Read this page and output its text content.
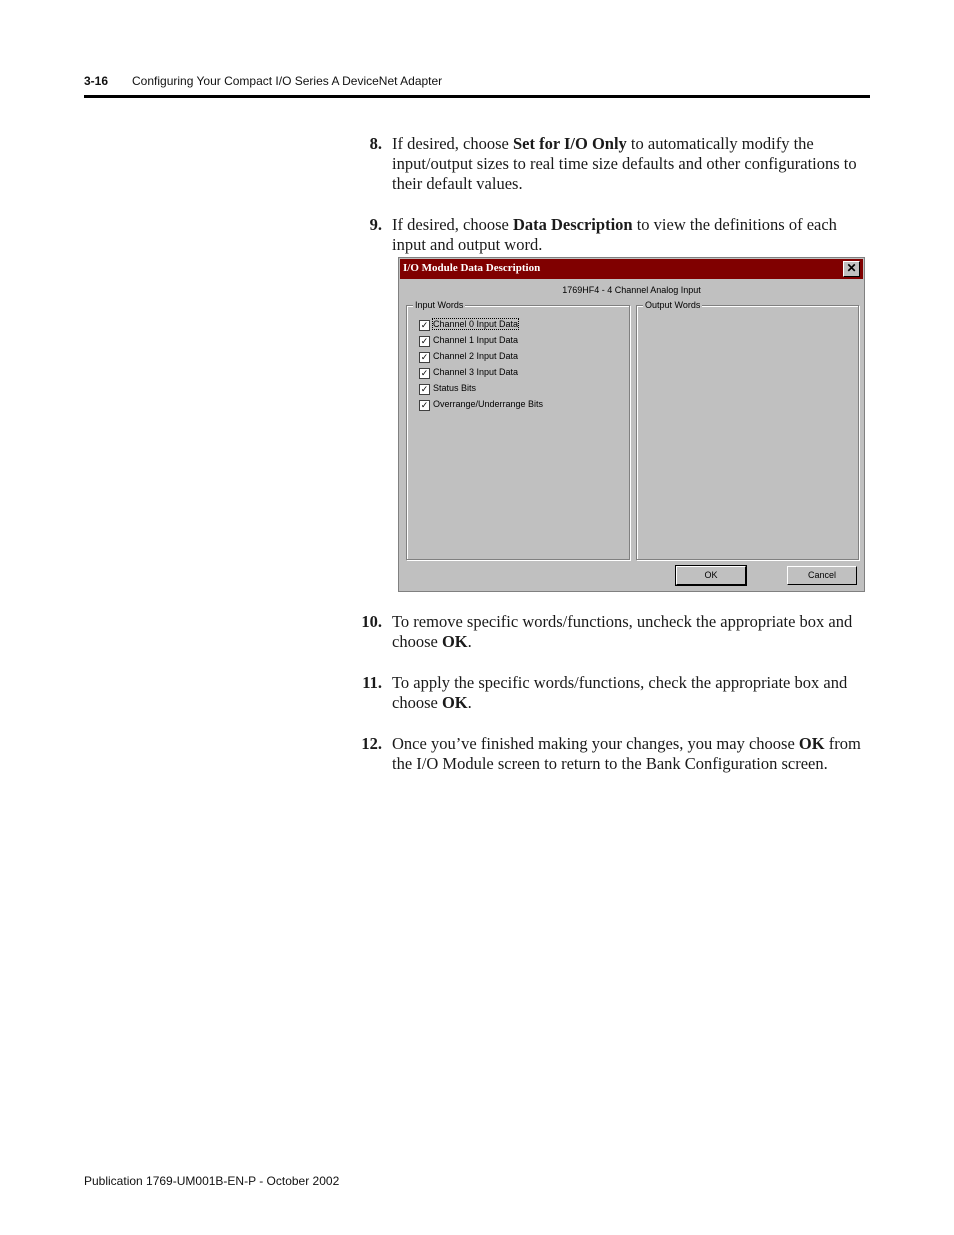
3-16 Configuring Your Compact I/O Series A DeviceNet Adapter
8. If desired, choose Set for I/O Only to automatically modify the input/output sizes to real time size defaults and other configurations to their default values.
9. If desired, choose Data Description to view the definitions of each input and output word.
I/O Module Data Description	✕
1769HF4 - 4 Channel Analog Input
Input Words
✓ Channel 0 Input Data
✓ Channel 1 Input Data
✓ Channel 2 Input Data
✓ Channel 3 Input Data
✓ Status Bits
✓ Overrange/Underrange Bits
Output Words
OK	Cancel
10. To remove specific words/functions, uncheck the appropriate box and choose OK.
11. To apply the specific words/functions, check the appropriate box and choose OK.
12. Once you’ve finished making your changes, you may choose OK from the I/O Module screen to return to the Bank Configuration screen.
Publication 1769-UM001B-EN-P - October 2002
